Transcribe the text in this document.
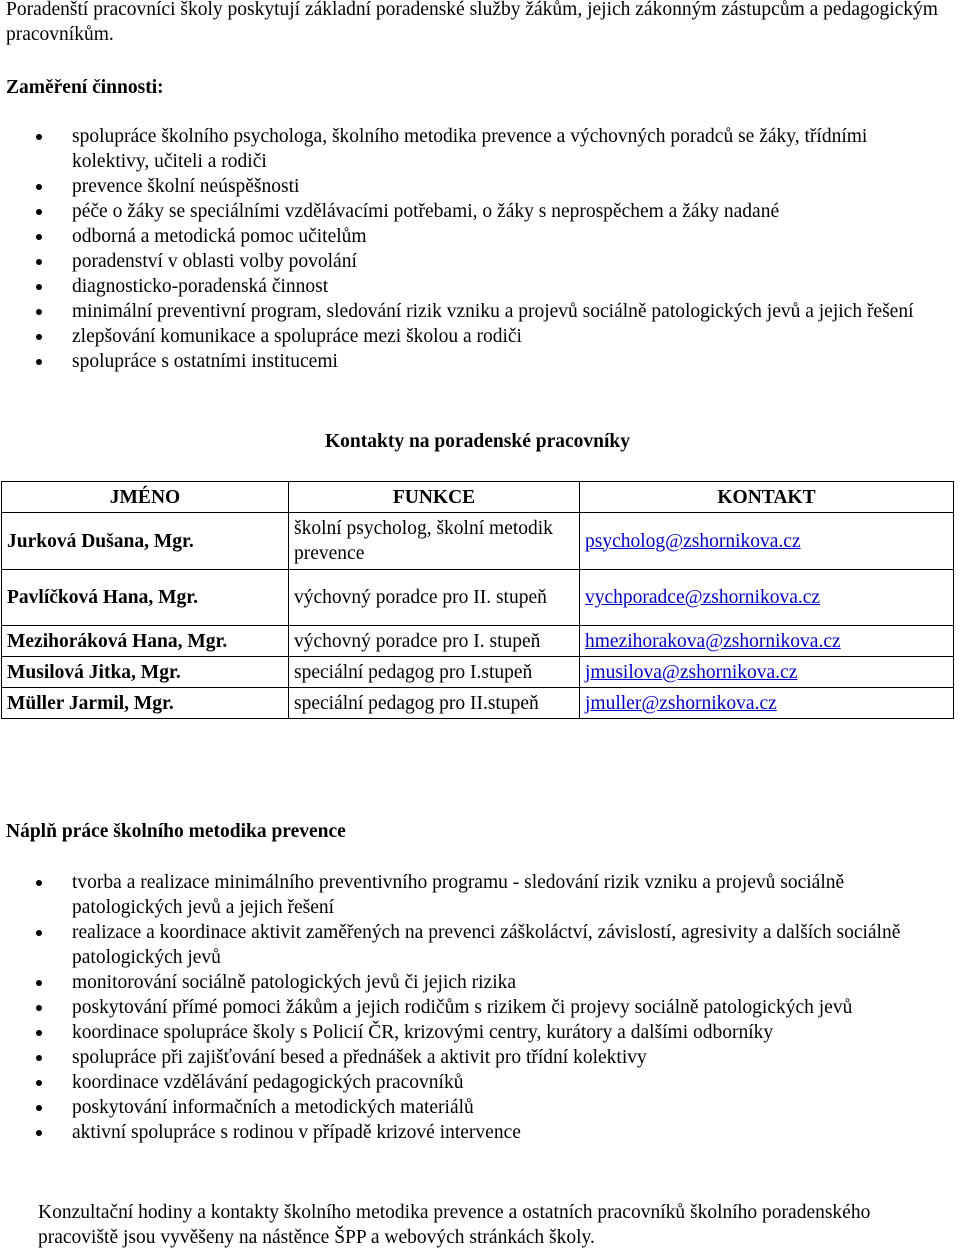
Poradenští pracovníci školy poskytují základní poradenské služby žákům, jejich zákonným zástupcům a pedagogickým pracovníkům.

Zaměření činnosti:

spolupráce školního psychologa, školního metodika prevence a výchovných poradců se žáky, třídními kolektivy, učiteli a rodiči
prevence školní neúspěšnosti
péče o žáky se speciálními vzdělávacími potřebami, o žáky s neprospěchem a žáky nadané
odborná a metodická pomoc učitelům
poradenství v oblasti volby povolání
diagnosticko-poradenská činnost
minimální preventivní program, sledování rizik vzniku a projevů sociálně patologických jevů a jejich řešení
zlepšování komunikace a spolupráce mezi školou a rodiči
spolupráce s ostatními institucemi

Kontakty na poradenské pracovníky

JMÉNO	FUNKCE	KONTAKT
Jurková Dušana, Mgr.	školní psycholog, školní metodik prevence	psycholog@zshornikova.cz
Pavlíčková Hana, Mgr.	výchovný poradce pro II. stupeň	vychporadce@zshornikova.cz
Mezihoráková Hana, Mgr.	výchovný poradce pro I. stupeň	hmezihorakova@zshornikova.cz
Musilová Jitka, Mgr.	speciální pedagog pro I.stupeň	jmusilova@zshornikova.cz
Müller Jarmil, Mgr.	speciální pedagog pro II.stupeň	jmuller@zshornikova.cz

Náplň práce školního metodika prevence

tvorba a realizace minimálního preventivního programu - sledování rizik vzniku a projevů sociálně patologických jevů a jejich řešení
realizace a koordinace aktivit zaměřených na prevenci záškoláctví, závislostí, agresivity a dalších sociálně patologických jevů
monitorování sociálně patologických jevů či jejich rizika
poskytování přímé pomoci žákům a jejich rodičům s rizikem či projevy sociálně patologických jevů
koordinace spolupráce školy s Policií ČR, krizovými centry, kurátory a dalšími odborníky
spolupráce při zajišťování besed a přednášek a aktivit pro třídní kolektivy
koordinace vzdělávání pedagogických pracovníků
poskytování informačních a metodických materiálů
aktivní spolupráce s rodinou v případě krizové intervence

Konzultační hodiny a kontakty školního metodika prevence a ostatních pracovníků školního poradenského pracoviště jsou vyvěšeny na nástěnce ŠPP a webových stránkách školy.
